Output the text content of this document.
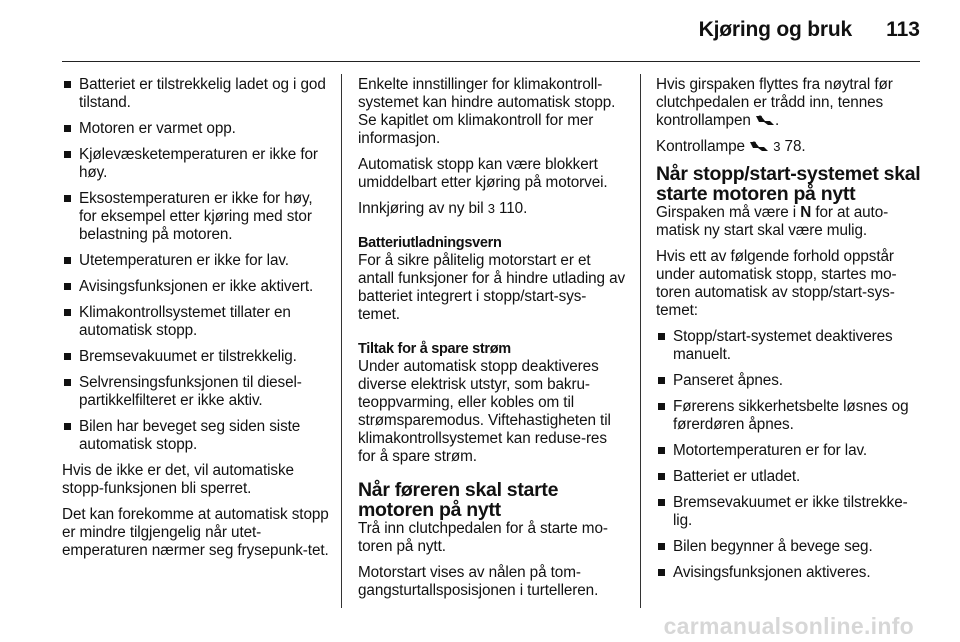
Kjøring og bruk 113
Batteriet er tilstrekkelig ladet og i god tilstand.
Motoren er varmet opp.
Kjølevæsketemperaturen er ikke for høy.
Eksostemperaturen er ikke for høy, for eksempel etter kjøring med stor belastning på motoren.
Utetemperaturen er ikke for lav.
Avisingsfunksjonen er ikke aktivert.
Klimakontrollsystemet tillater en automatisk stopp.
Bremsevakuumet er tilstrekkelig.
Selvrensingsfunksjonen til diesel-partikkelfilteret er ikke aktiv.
Bilen har beveget seg siden siste automatisk stopp.

Hvis de ikke er det, vil automatiske stopp-funksjonen bli sperret.

Det kan forekomme at automatisk stopp er mindre tilgjengelig når utet-emperaturen nærmer seg frysepunk-tet.

Enkelte innstillinger for klimakontroll-systemet kan hindre automatisk stopp. Se kapitlet om klimakontroll for mer informasjon.

Automatisk stopp kan være blokkert umiddelbart etter kjøring på motorvei.

Innkjøring av ny bil 3 110.

Batteriutladningsvern

For å sikre pålitelig motorstart er et antall funksjoner for å hindre utlading av batteriet integrert i stopp/start-sys-temet.

Tiltak for å spare strøm

Under automatisk stopp deaktiveres diverse elektrisk utstyr, som bakru-teoppvarming, eller kobles om til strømsparemodus. Viftehastigheten til klimakontrollsystemet kan reduse-res for å spare strøm.

Når føreren skal starte motoren på nytt

Trå inn clutchpedalen for å starte mo-toren på nytt.

Motorstart vises av nålen på tom-gangsturtallsposisjonen i turtelleren.

Hvis girspaken flyttes fra nøytral før clutchpedalen er trådd inn, tennes kontrollampen .

Kontrollampe 3 78.

Når stopp/start-systemet skal starte motoren på nytt

Girspaken må være i N for at auto-matisk ny start skal være mulig.

Hvis ett av følgende forhold oppstår under automatisk stopp, startes mo-toren automatisk av stopp/start-sys-temet:

Stopp/start-systemet deaktiveres manuelt.
Panseret åpnes.
Førerens sikkerhetsbelte løsnes og førerdøren åpnes.
Motortemperaturen er for lav.
Batteriet er utladet.
Bremsevakuumet er ikke tilstrekke-lig.
Bilen begynner å bevege seg.
Avisingsfunksjonen aktiveres.
carmanualsonline.info
